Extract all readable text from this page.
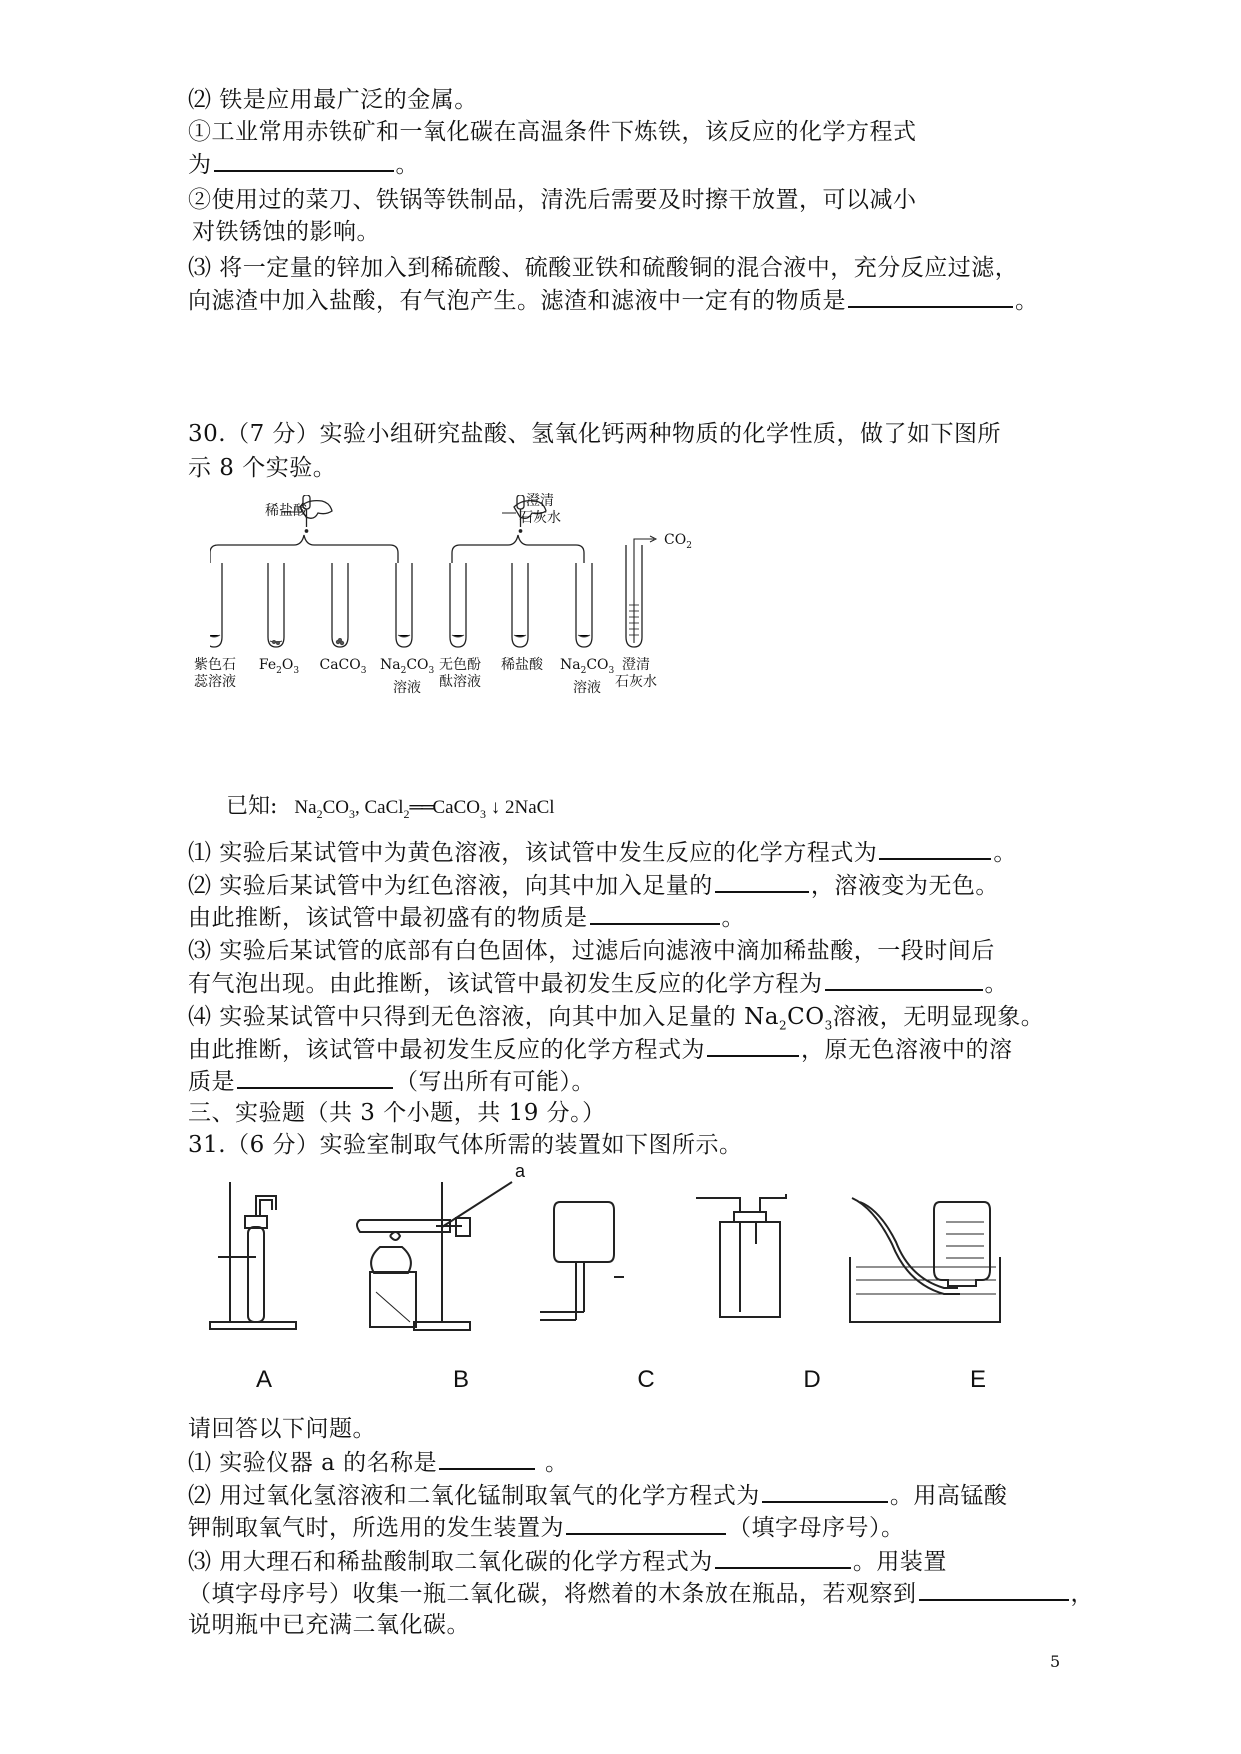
⑵ 铁是应用最广泛的金属。
①工业常用赤铁矿和一氧化碳在高温条件下炼铁，该反应的化学方程式
为	。
②使用过的菜刀、铁锅等铁制品，清洗后需要及时擦干放置，可以减小
对铁锈蚀的影响。
⑶ 将一定量的锌加入到稀硫酸、硫酸亚铁和硫酸铜的混合液中，充分反应过滤，
向滤渣中加入盐酸，有气泡产生。滤渣和滤液中一定有的物质是	。
30.（7 分）实验小组研究盐酸、氢氧化钙两种物质的化学性质，做了如下图所
示 8 个实验。
稀盐酸
澄清
石灰水
$CO_2$
紫色石
蕊溶液
$Fe_2O_3$	CaCO$_3$ $Na_2CO_3$
溶液
无色酚
酞溶液
稀盐酸	$Na_2CO_3$
溶液
澄清
石灰水
已知: $Na_2CO_3$, CaCl$_2$══CaCO$_3$ ↓ 2NaCl
⑴ 实验后某试管中为黄色溶液，该试管中发生反应的化学方程式为	。
⑵ 实验后某试管中为红色溶液，向其中加入足量的	，溶液变为无色。
由此推断，该试管中最初盛有的物质是	。
⑶ 实验后某试管的底部有白色固体，过滤后向滤液中滴加稀盐酸，一段时间后
有气泡出现。由此推断，该试管中最初发生反应的化学方程为	。
⑷ 实验某试管中只得到无色溶液，向其中加入足量的 $Na_2CO_3$溶液，无明显现象。
由此推断，该试管中最初发生反应的化学方程式为	，原无色溶液中的溶
质是	（写出所有可能）。
三、实验题（共 3 个小题，共 19 分。）
31.（6 分）实验室制取气体所需的装置如下图所示。
a
A	B	C	D	E
请回答以下问题。
⑴ 实验仪器 a 的名称是	。
⑵ 用过氧化氢溶液和二氧化锰制取氧气的化学方程式为	。用高锰酸
钾制取氧气时，所选用的发生装置为	（填字母序号）。
⑶ 用大理石和稀盐酸制取二氧化碳的化学方程式为	。用装置
（填字母序号）收集一瓶二氧化碳，将燃着的木条放在瓶品，若观察到	，
说明瓶中已充满二氧化碳。
5
